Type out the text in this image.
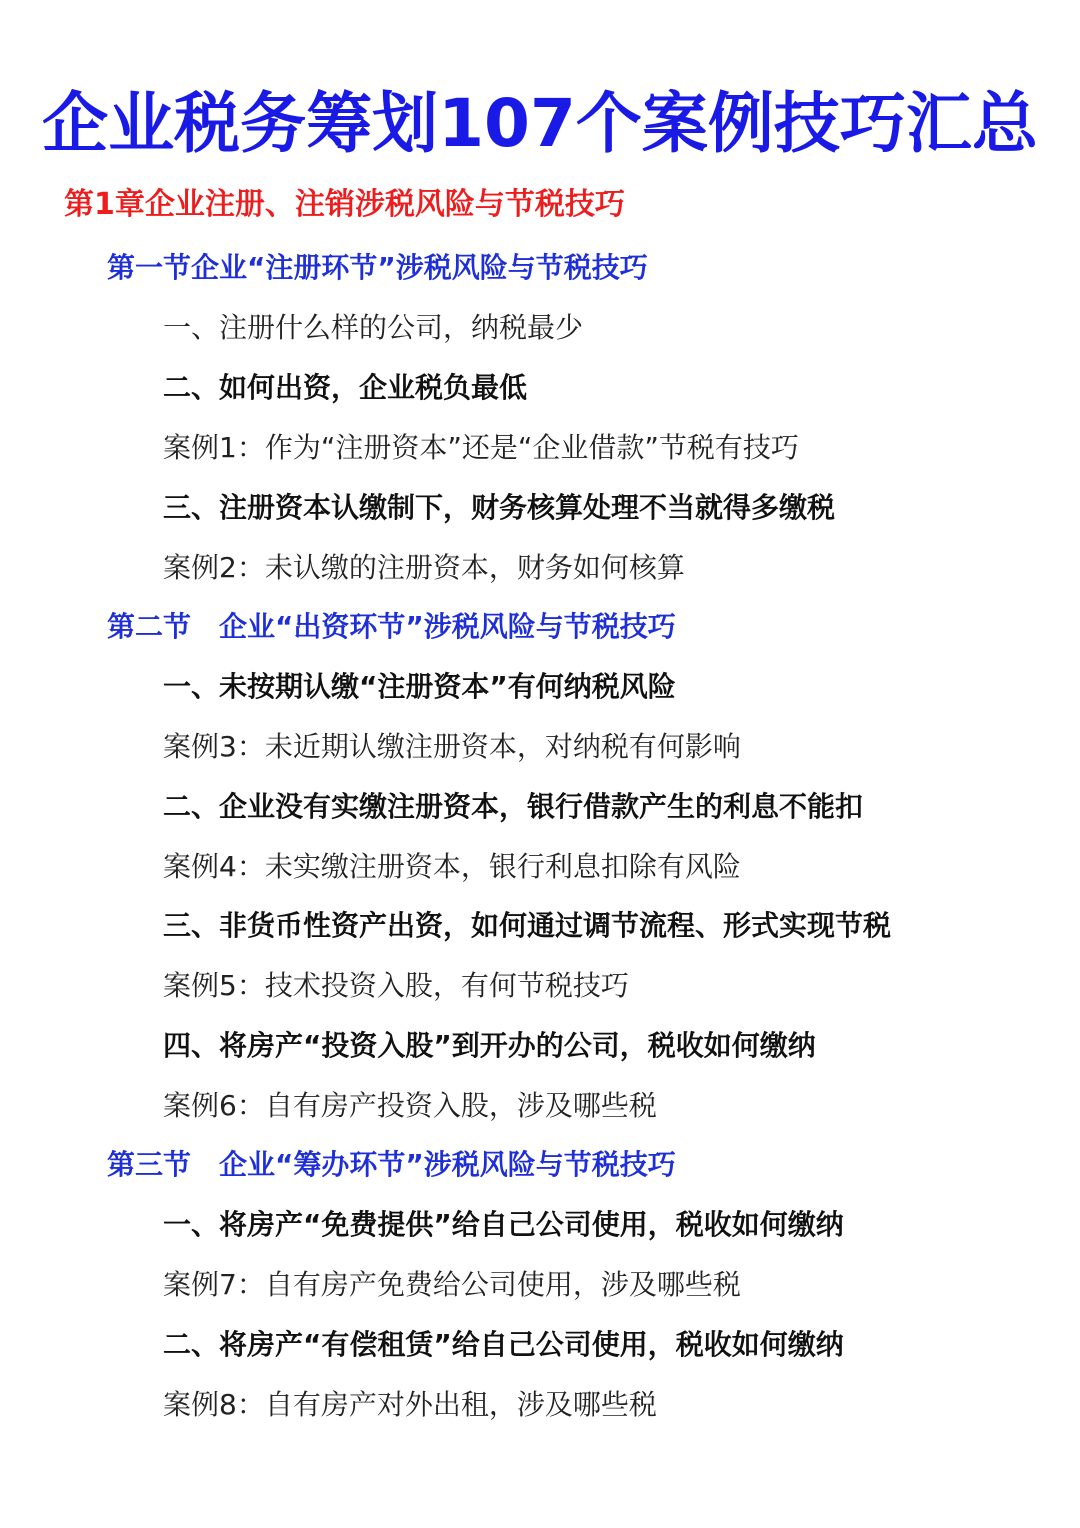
企业税务筹划107个案例技巧汇总
第1章企业注册、注销涉税风险与节税技巧
第一节企业“注册环节”涉税风险与节税技巧
一、注册什么样的公司，纳税最少
二、如何出资，企业税负最低
案例1：作为“注册资本”还是“企业借款”节税有技巧
三、注册资本认缴制下，财务核算处理不当就得多缴税
案例2：未认缴的注册资本，财务如何核算
第二节　企业“出资环节”涉税风险与节税技巧
一、未按期认缴“注册资本”有何纳税风险
案例3：未近期认缴注册资本，对纳税有何影响
二、企业没有实缴注册资本，银行借款产生的利息不能扣
案例4：未实缴注册资本，银行利息扣除有风险
三、非货币性资产出资，如何通过调节流程、形式实现节税
案例5：技术投资入股，有何节税技巧
四、将房产“投资入股”到开办的公司，税收如何缴纳
案例6：自有房产投资入股，涉及哪些税
第三节　企业“筹办环节”涉税风险与节税技巧
一、将房产“免费提供”给自己公司使用，税收如何缴纳
案例7：自有房产免费给公司使用，涉及哪些税
二、将房产“有偿租赁”给自己公司使用，税收如何缴纳
案例8：自有房产对外出租，涉及哪些税
